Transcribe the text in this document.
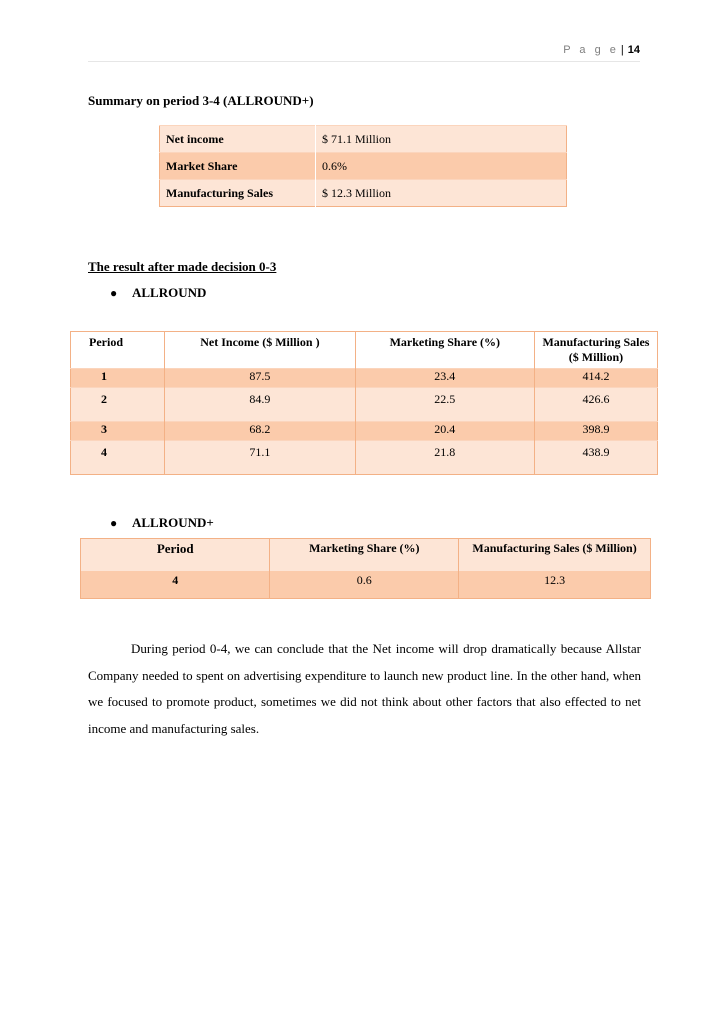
P a g e | 14
Summary on period 3-4 (ALLROUND+)
Net income	$ 71.1 Million
Market Share	0.6%
Manufacturing Sales	$ 12.3 Million
The result after made decision 0-3
● ALLROUND
Period	Net Income ($ Million )	Marketing Share (%)	Manufacturing Sales ($ Million)
1	87.5	23.4	414.2
2	84.9	22.5	426.6
3	68.2	20.4	398.9
4	71.1	21.8	438.9
● ALLROUND+
Period	Marketing Share (%)	Manufacturing Sales ($ Million)
4	0.6	12.3

During period 0-4, we can conclude that the Net income will drop dramatically because Allstar Company needed to spent on advertising expenditure to launch new product line. In the other hand, when we focused to promote product, sometimes we did not think about other factors that also effected to net income and manufacturing sales.
